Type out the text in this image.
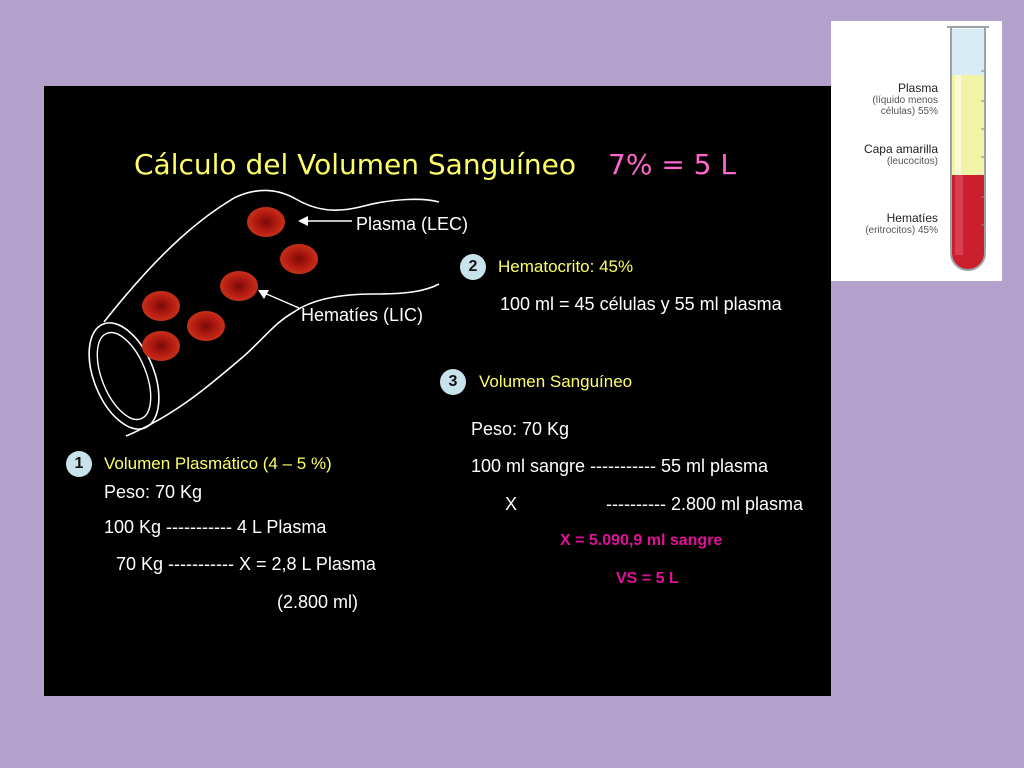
Cálculo del Volumen Sanguíneo 7% = 5 L
Plasma (LEC)
Hematíes (LIC)
2	Hematocrito: 45%
100 ml = 45 células y 55 ml plasma
3	Volumen Sanguíneo
Peso: 70 Kg
100 ml sangre ----------- 55 ml plasma
X	---------- 2.800 ml plasma
X = 5.090,9 ml sangre
VS = 5 L
1	Volumen Plasmático (4 – 5 %)
Peso: 70 Kg
100 Kg ----------- 4 L Plasma
70 Kg ----------- X = 2,8 L Plasma
(2.800 ml)
Plasma
(líquido menos
células) 55%
Capa amarilla
(leucocitos)
Hematíes
(eritrocitos) 45%
